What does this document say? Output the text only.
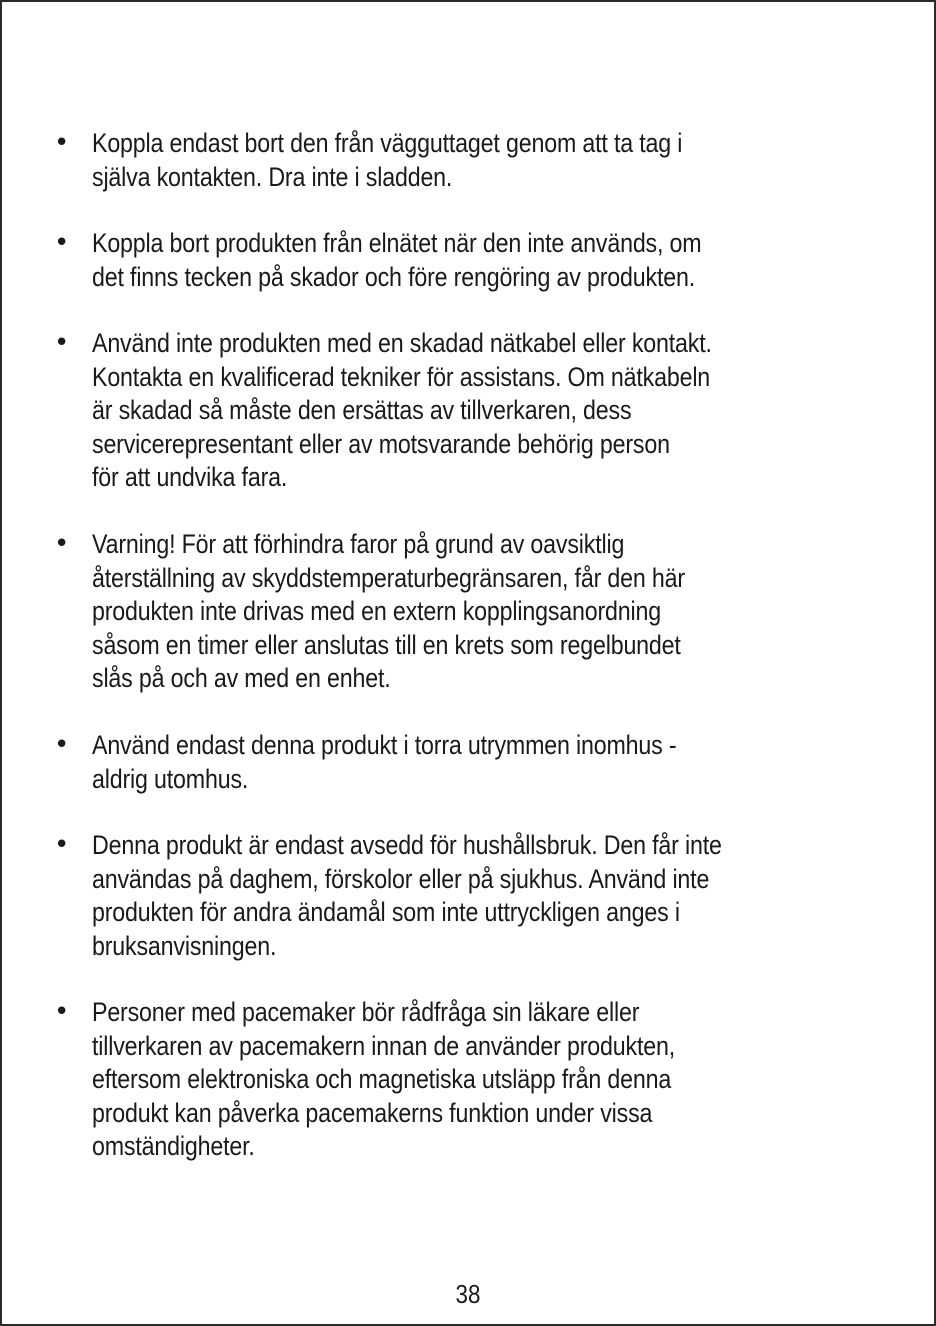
• Koppla endast bort den från vägguttaget genom att ta tag i
själva kontakten. Dra inte i sladden.
• Koppla bort produkten från elnätet när den inte används, om
det finns tecken på skador och före rengöring av produkten.
• Använd inte produkten med en skadad nätkabel eller kontakt.
Kontakta en kvalificerad tekniker för assistans. Om nätkabeln
är skadad så måste den ersättas av tillverkaren, dess
servicerepresentant eller av motsvarande behörig person
för att undvika fara.
• Varning! För att förhindra faror på grund av oavsiktlig
återställning av skyddstemperaturbegränsaren, får den här
produkten inte drivas med en extern kopplingsanordning
såsom en timer eller anslutas till en krets som regelbundet
slås på och av med en enhet.
• Använd endast denna produkt i torra utrymmen inomhus -
aldrig utomhus.
• Denna produkt är endast avsedd för hushållsbruk. Den får inte
användas på daghem, förskolor eller på sjukhus. Använd inte
produkten för andra ändamål som inte uttryckligen anges i
bruksanvisningen.
• Personer med pacemaker bör rådfråga sin läkare eller
tillverkaren av pacemakern innan de använder produkten,
eftersom elektroniska och magnetiska utsläpp från denna
produkt kan påverka pacemakerns funktion under vissa
omständigheter.
38
